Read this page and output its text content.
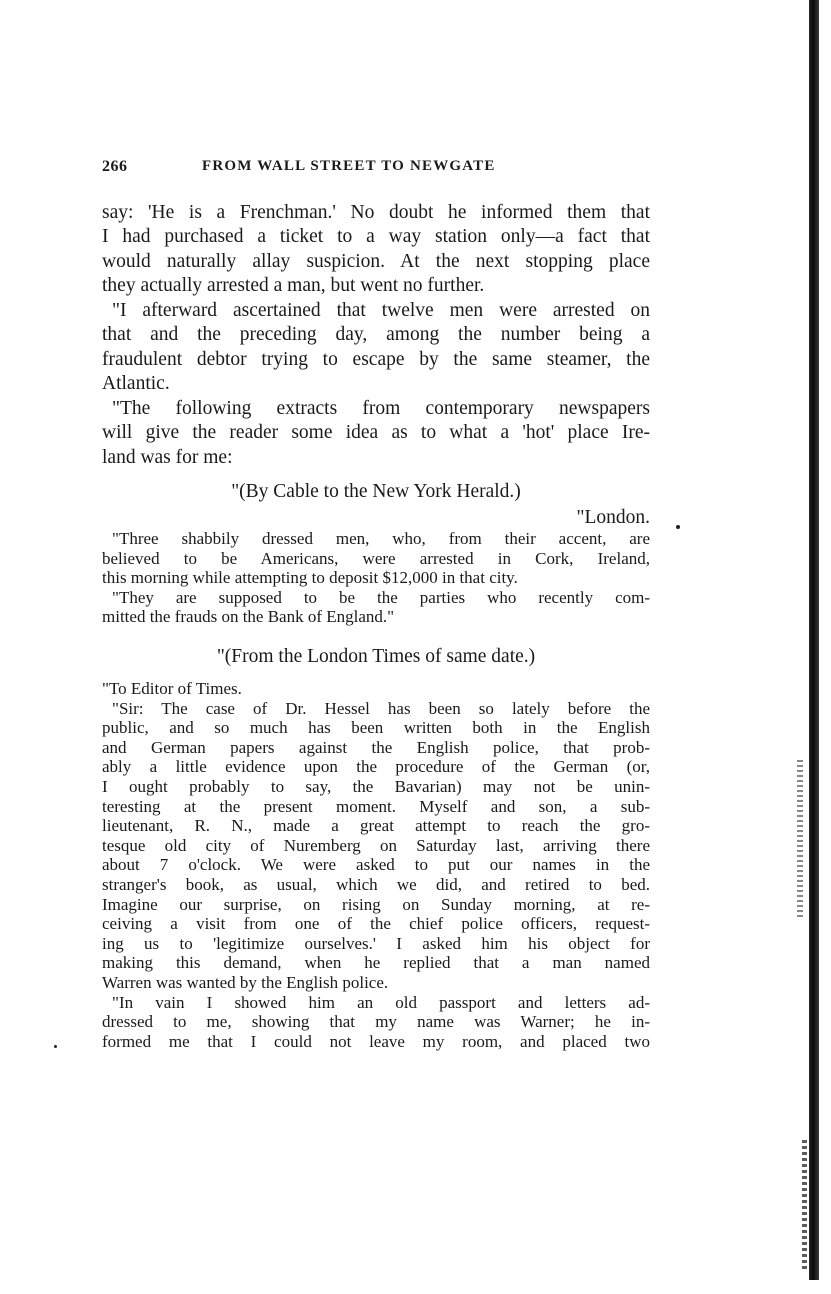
266	FROM WALL STREET TO NEWGATE
say: 'He is a Frenchman.' No doubt he informed them that
I had purchased a ticket to a way station only—a fact that
would naturally allay suspicion. At the next stopping place
they actually arrested a man, but went no further.
"I afterward ascertained that twelve men were arrested on
that and the preceding day, among the number being a
fraudulent debtor trying to escape by the same steamer, the
Atlantic.
"The following extracts from contemporary newspapers
will give the reader some idea as to what a 'hot' place Ire-
land was for me:
"(By Cable to the New York Herald.)
"London.
"Three shabbily dressed men, who, from their accent, are
believed to be Americans, were arrested in Cork, Ireland,
this morning while attempting to deposit $12,000 in that city.
"They are supposed to be the parties who recently com-
mitted the frauds on the Bank of England."
"(From the London Times of same date.)
"To Editor of Times.
"Sir: The case of Dr. Hessel has been so lately before the
public, and so much has been written both in the English
and German papers against the English police, that prob-
ably a little evidence upon the procedure of the German (or,
I ought probably to say, the Bavarian) may not be unin-
teresting at the present moment. Myself and son, a sub-
lieutenant, R. N., made a great attempt to reach the gro-
tesque old city of Nuremberg on Saturday last, arriving there
about 7 o'clock. We were asked to put our names in the
stranger's book, as usual, which we did, and retired to bed.
Imagine our surprise, on rising on Sunday morning, at re-
ceiving a visit from one of the chief police officers, request-
ing us to 'legitimize ourselves.' I asked him his object for
making this demand, when he replied that a man named
Warren was wanted by the English police.
"In vain I showed him an old passport and letters ad-
dressed to me, showing that my name was Warner; he in-
formed me that I could not leave my room, and placed two
